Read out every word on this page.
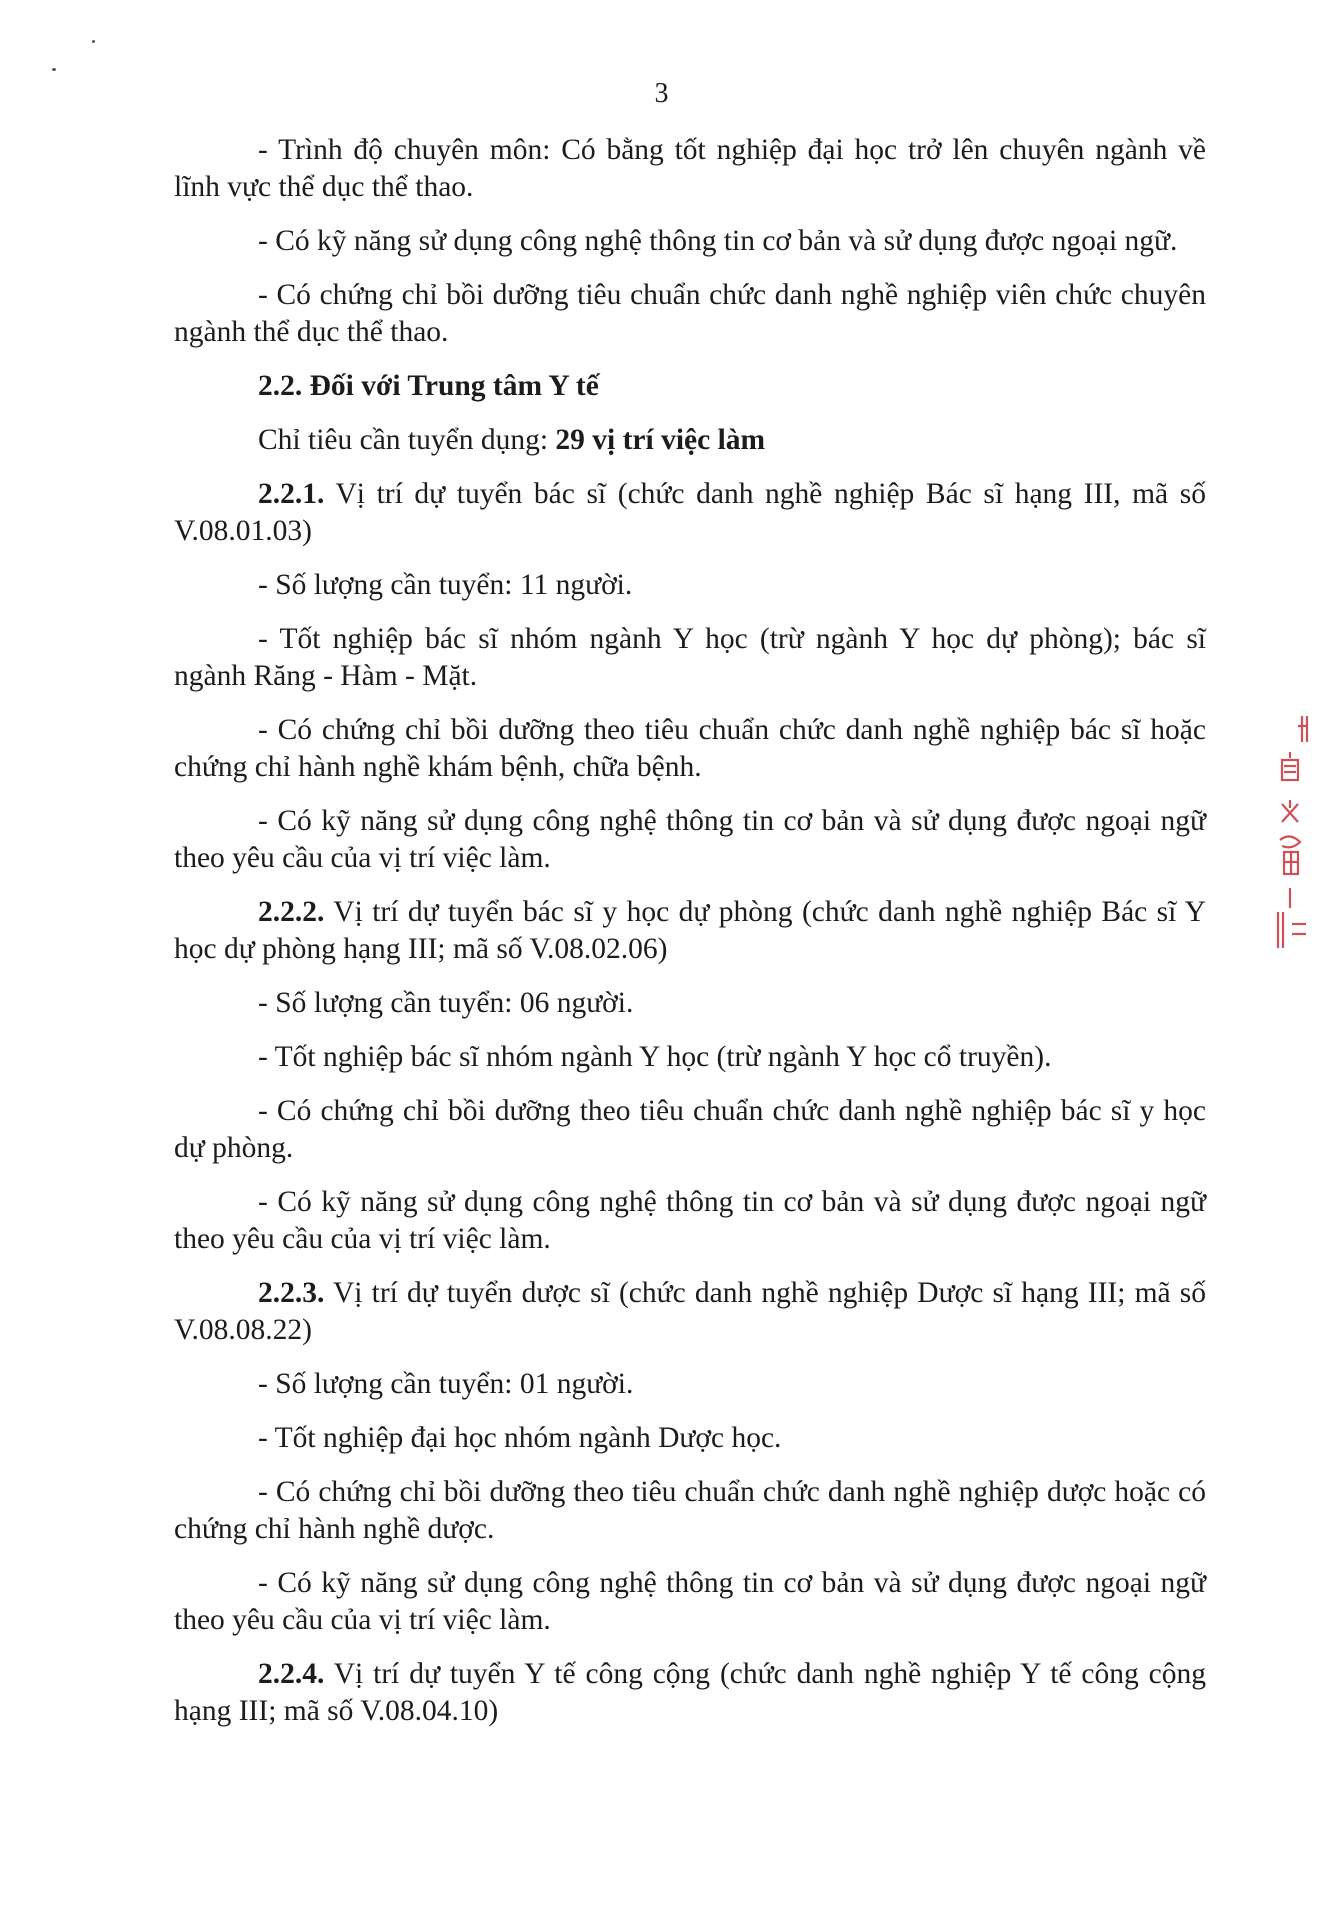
3

- Trình độ chuyên môn: Có bằng tốt nghiệp đại học trở lên chuyên ngành về lĩnh vực thể dục thể thao.

- Có kỹ năng sử dụng công nghệ thông tin cơ bản và sử dụng được ngoại ngữ.

- Có chứng chỉ bồi dưỡng tiêu chuẩn chức danh nghề nghiệp viên chức chuyên ngành thể dục thể thao.

2.2. Đối với Trung tâm Y tế

Chỉ tiêu cần tuyển dụng: 29 vị trí việc làm

2.2.1. Vị trí dự tuyển bác sĩ (chức danh nghề nghiệp Bác sĩ hạng III, mã số V.08.01.03)

- Số lượng cần tuyển: 11 người.

- Tốt nghiệp bác sĩ nhóm ngành Y học (trừ ngành Y học dự phòng); bác sĩ ngành Răng - Hàm - Mặt.

- Có chứng chỉ bồi dưỡng theo tiêu chuẩn chức danh nghề nghiệp bác sĩ hoặc chứng chỉ hành nghề khám bệnh, chữa bệnh.

- Có kỹ năng sử dụng công nghệ thông tin cơ bản và sử dụng được ngoại ngữ theo yêu cầu của vị trí việc làm.

2.2.2. Vị trí dự tuyển bác sĩ y học dự phòng (chức danh nghề nghiệp Bác sĩ Y học dự phòng hạng III; mã số V.08.02.06)

- Số lượng cần tuyển: 06 người.

- Tốt nghiệp bác sĩ nhóm ngành Y học (trừ ngành Y học cổ truyền).

- Có chứng chỉ bồi dưỡng theo tiêu chuẩn chức danh nghề nghiệp bác sĩ y học dự phòng.

- Có kỹ năng sử dụng công nghệ thông tin cơ bản và sử dụng được ngoại ngữ theo yêu cầu của vị trí việc làm.

2.2.3. Vị trí dự tuyển dược sĩ (chức danh nghề nghiệp Dược sĩ hạng III; mã số V.08.08.22)

- Số lượng cần tuyển: 01 người.

- Tốt nghiệp đại học nhóm ngành Dược học.

- Có chứng chỉ bồi dưỡng theo tiêu chuẩn chức danh nghề nghiệp dược hoặc có chứng chỉ hành nghề dược.

- Có kỹ năng sử dụng công nghệ thông tin cơ bản và sử dụng được ngoại ngữ theo yêu cầu của vị trí việc làm.

2.2.4. Vị trí dự tuyển Y tế công cộng (chức danh nghề nghiệp Y tế công cộng hạng III; mã số V.08.04.10)
